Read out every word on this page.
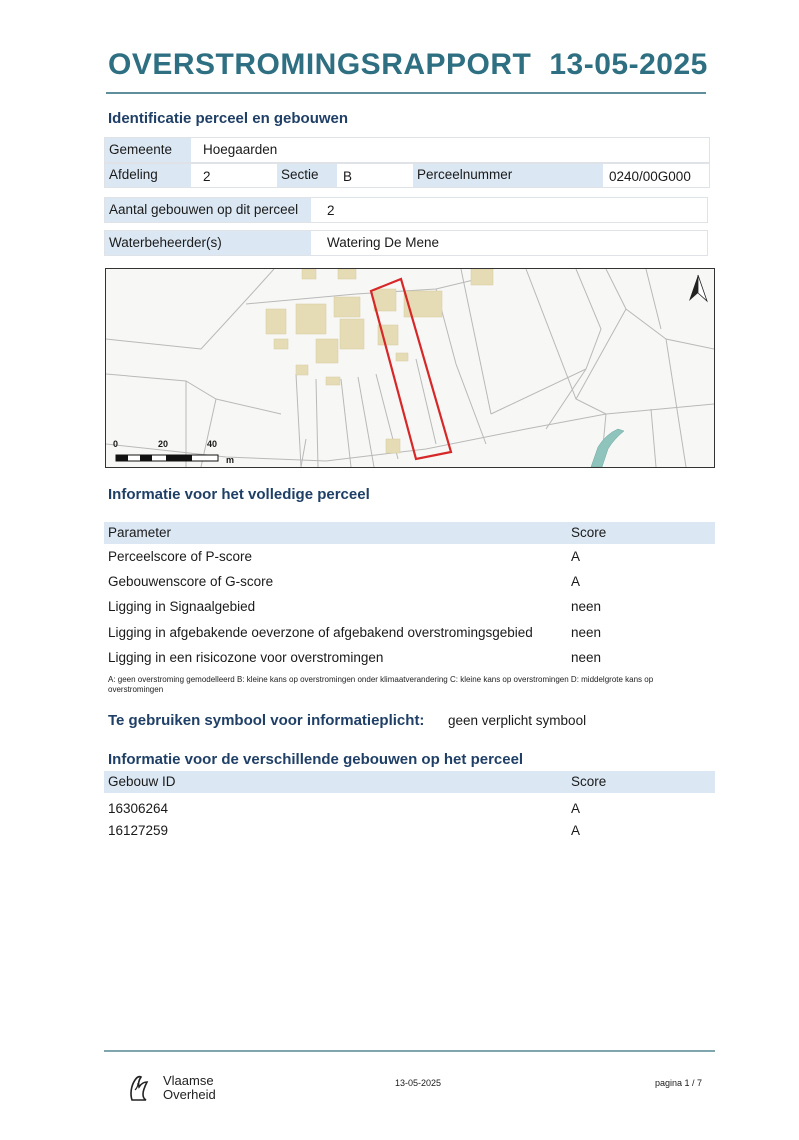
OVERSTROMINGSRAPPORT 13-05-2025
Identificatie perceel en gebouwen
Gemeente Hoegaarden
Afdeling	2	Sectie B	Perceelnummer	0240/00G000
Aantal gebouwen op dit perceel 2
Waterbeheerder(s)	Watering De Mene
0	20	40
m
Informatie voor het volledige perceel
Parameter	Score
Perceelscore of P-score	A
Gebouwenscore of G-score	A
Ligging in Signaalgebied	neen
Ligging in afgebakende oeverzone of afgebakend overstromingsgebied	neen
Ligging in een risicozone voor overstromingen	neen
A: geen overstroming gemodelleerd B: kleine kans op overstromingen onder klimaatverandering C: kleine kans op overstromingen D: middelgrote kans op overstromingen
Te gebruiken symbool voor informatieplicht: geen verplicht symbool
Informatie voor de verschillende gebouwen op het perceel
Gebouw ID	Score
16306264	A
16127259	A
Vlaamse
Overheid
13-05-2025	pagina 1 / 7
